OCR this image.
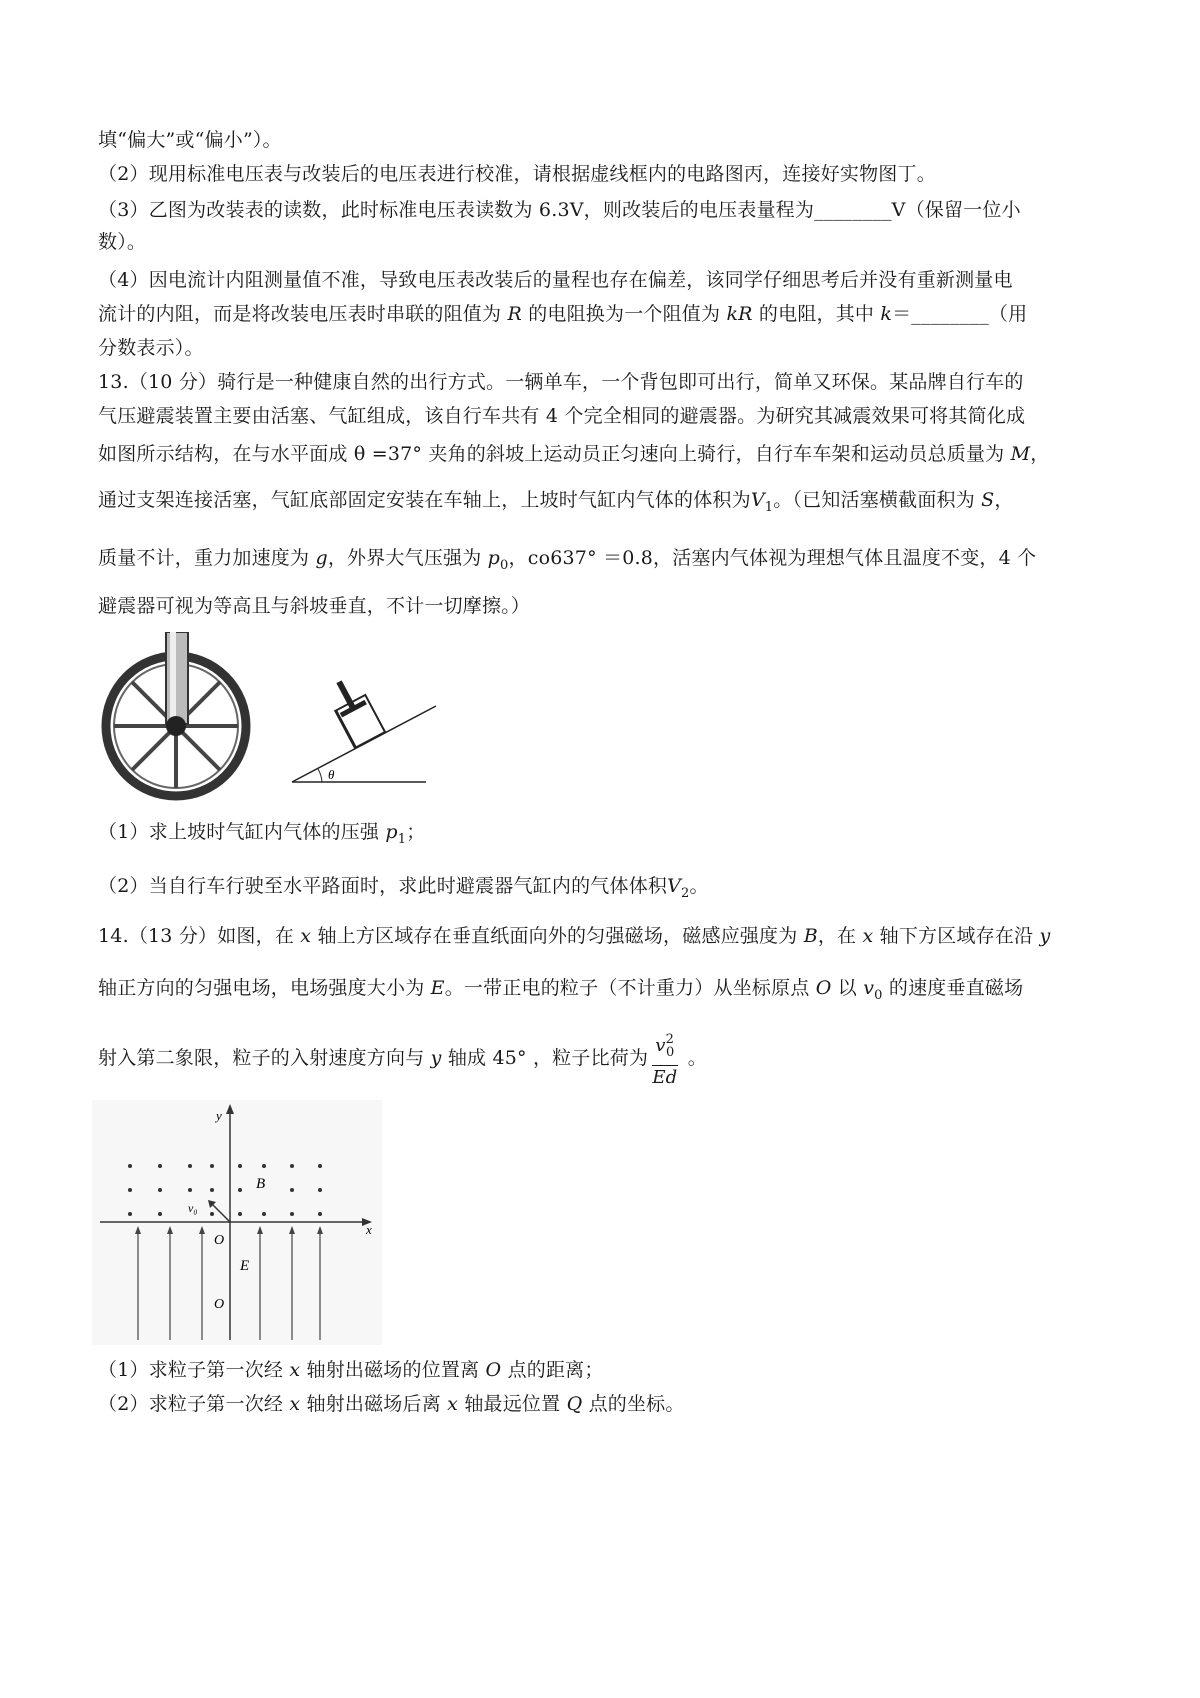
填“偏大”或“偏小”）。
（2）现用标准电压表与改装后的电压表进行校准，请根据虚线框内的电路图丙，连接好实物图丁。
（3）乙图为改装表的读数，此时标准电压表读数为 6.3V，则改装后的电压表量程为________V（保留一位小
数）。
（4）因电流计内阻测量值不准，导致电压表改装后的量程也存在偏差，该同学仔细思考后并没有重新测量电
流计的内阻，而是将改装电压表时串联的阻值为 R 的电阻换为一个阻值为 kR 的电阻，其中 k＝________（用
分数表示）。
13.（10 分）骑行是一种健康自然的出行方式。一辆单车，一个背包即可出行，简单又环保。某品牌自行车的
气压避震装置主要由活塞、气缸组成，该自行车共有 4 个完全相同的避震器。为研究其减震效果可将其简化成
如图所示结构，在与水平面成 θ =37° 夹角的斜坡上运动员正匀速向上骑行，自行车车架和运动员总质量为 M，
通过支架连接活塞，气缸底部固定安装在车轴上，上坡时气缸内气体的体积为$V_1$。（已知活塞横截面积为 S，
质量不计，重力加速度为 g，外界大气压强为 $p_0$，co637° ＝0.8，活塞内气体视为理想气体且温度不变，4 个
避震器可视为等高且与斜坡垂直，不计一切摩擦。）
θ
（1）求上坡时气缸内气体的压强 $p_1$；
（2）当自行车行驶至水平路面时，求此时避震器气缸内的气体体积$V_2$。
14.（13 分）如图，在 x 轴上方区域存在垂直纸面向外的匀强磁场，磁感应强度为 B，在 x 轴下方区域存在沿 y
轴正方向的匀强电场，电场强度大小为 E。一带正电的粒子（不计重力）从坐标原点 O 以 $v_0$ 的速度垂直磁场
射入第二象限，粒子的入射速度方向与 y 轴成 45° ，粒子比荷为 $\frac{v^2_0}{Ed}$ 。
y
x
B
v₀
O
E
O
（1）求粒子第一次经 x 轴射出磁场的位置离 O 点的距离；
（2）求粒子第一次经 x 轴射出磁场后离 x 轴最远位置 Q 点的坐标。
